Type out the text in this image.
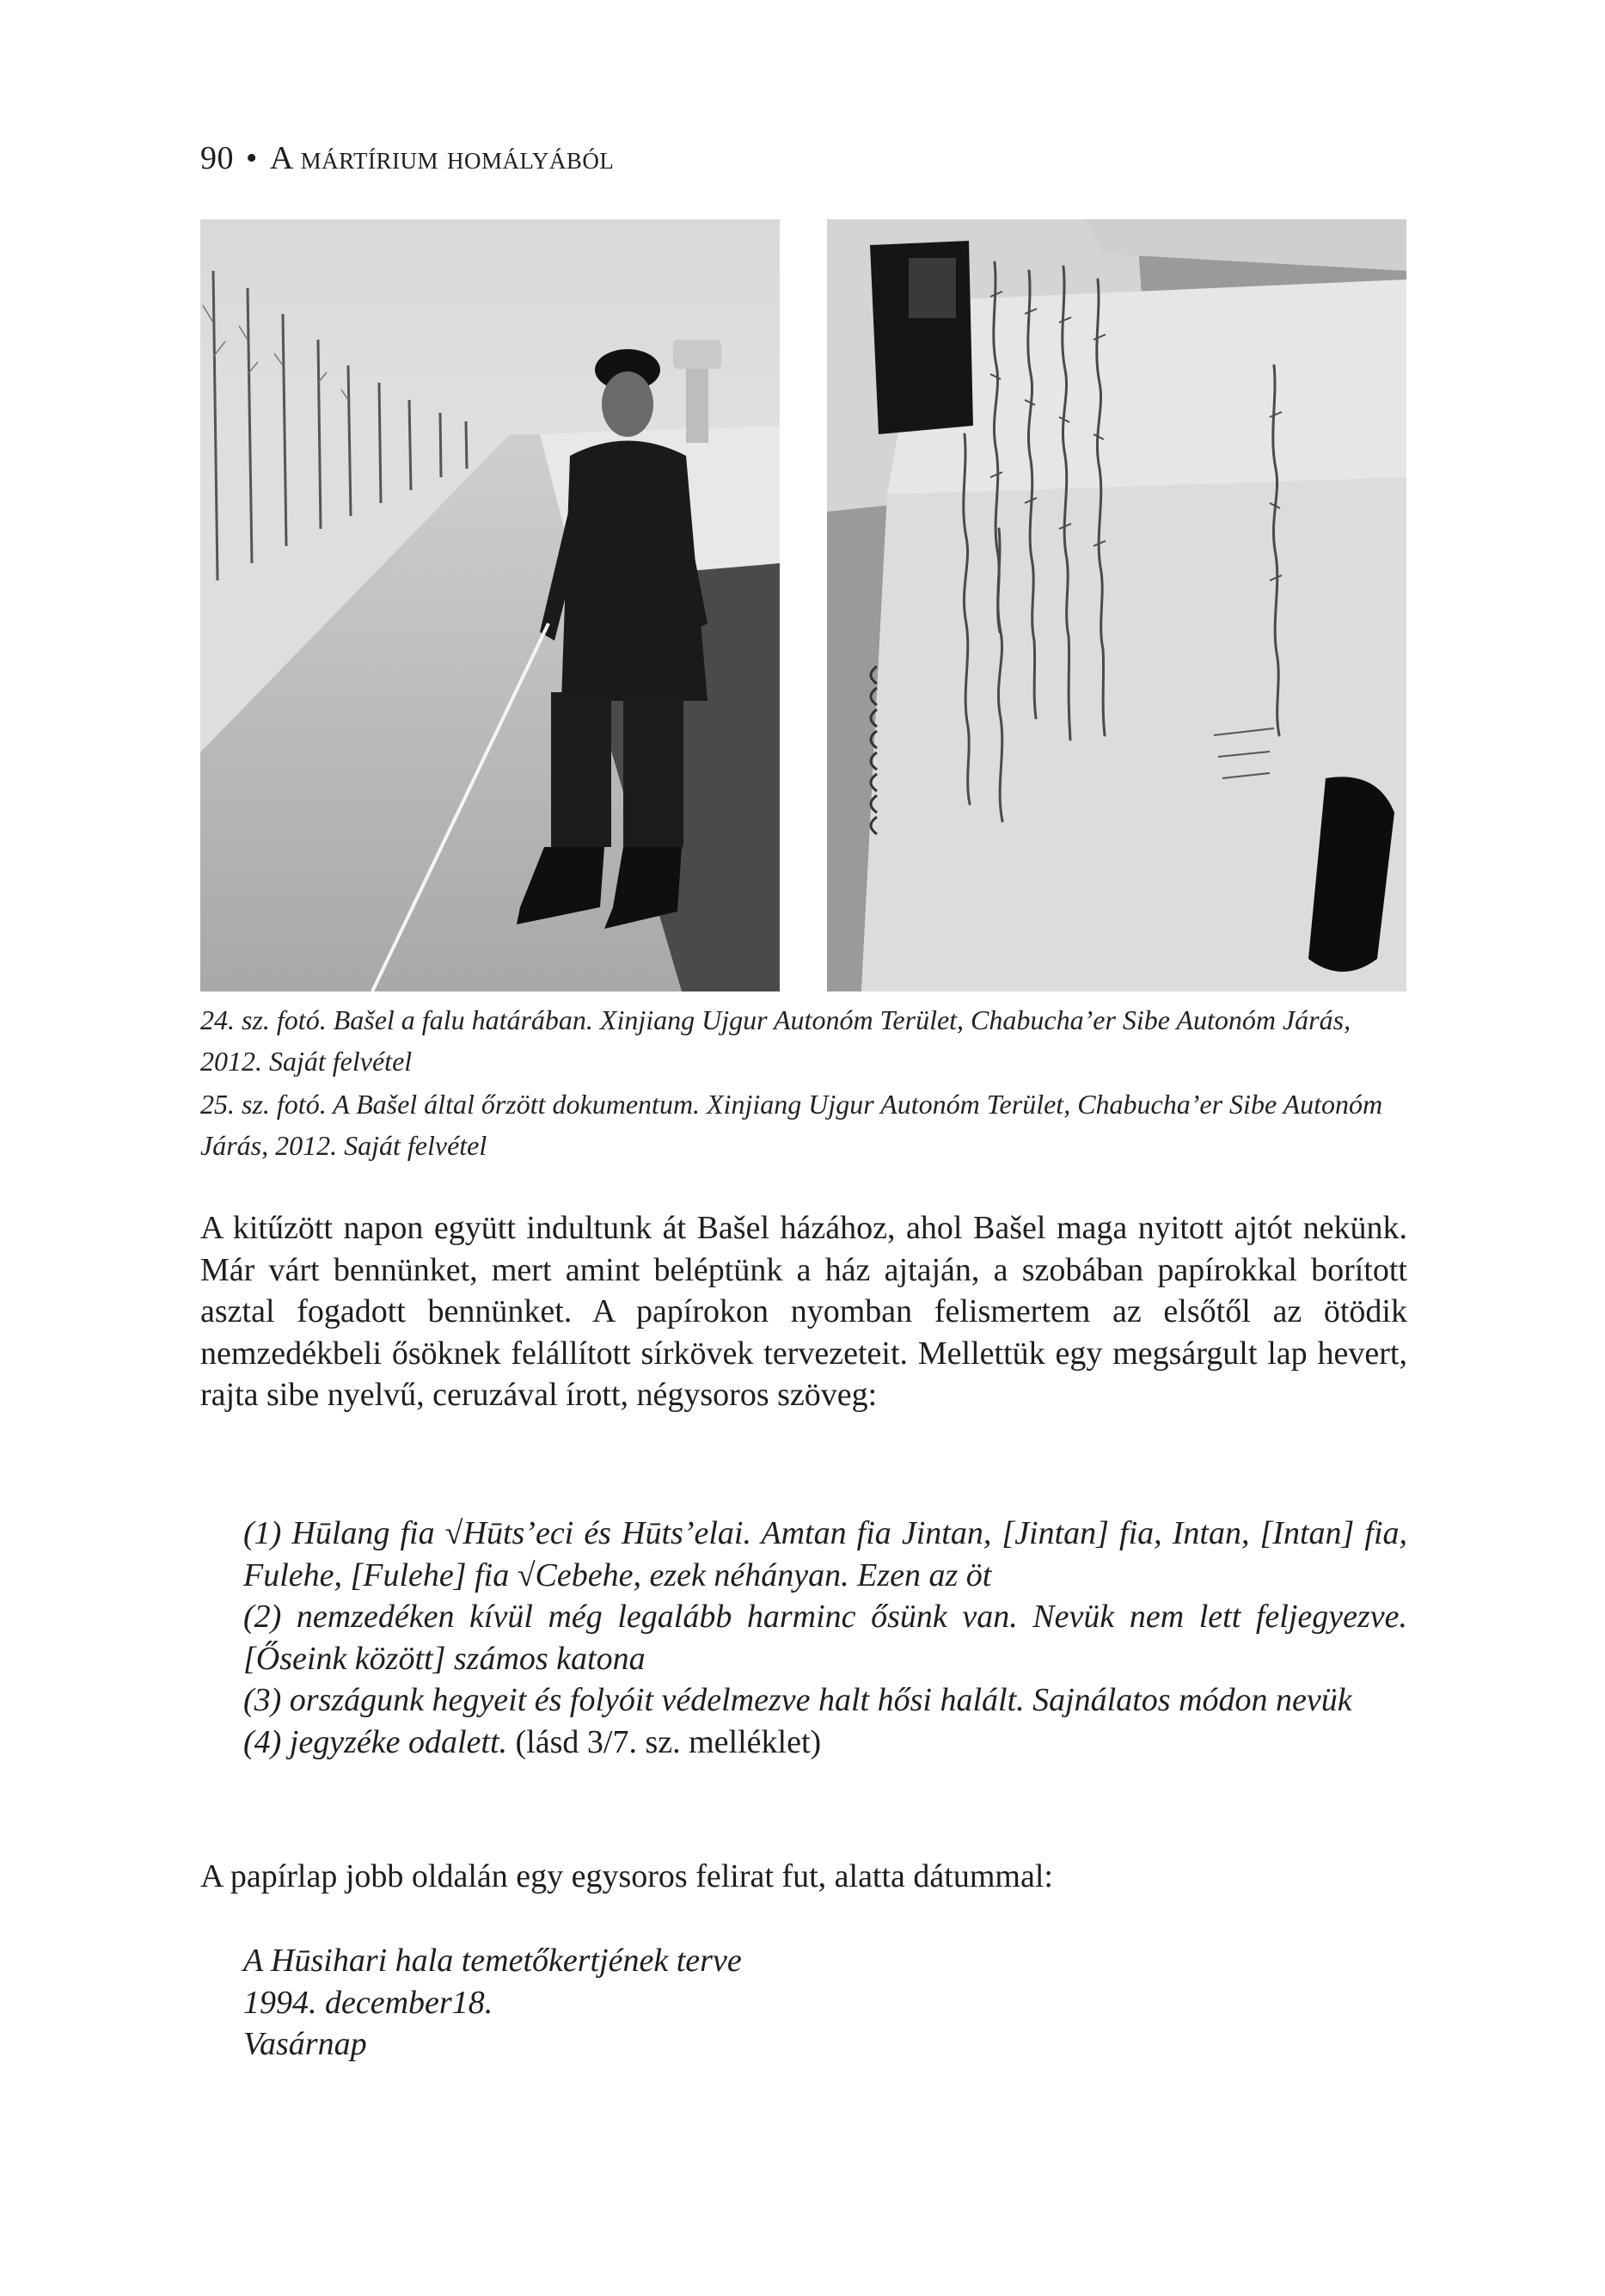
90 • A mártírium homályából
24. sz. fotó. Bašel a falu határában. Xinjiang Ujgur Autonóm Terület, Chabucha’er Sibe Autonóm Járás, 2012. Saját felvétel
25. sz. fotó. A Bašel által őrzött dokumentum. Xinjiang Ujgur Autonóm Terület, Chabucha’er Sibe Autonóm Járás, 2012. Saját felvétel
A kitűzött napon együtt indultunk át Bašel házához, ahol Bašel maga nyitott ajtót nekünk. Már várt bennünket, mert amint beléptünk a ház ajtaján, a szobában papírokkal borított asztal fogadott bennünket. A papírokon nyomban felismertem az elsőtől az ötödik nemzedékbeli ősöknek felállított sírkövek tervezeteit. Mellettük egy megsárgult lap hevert, rajta sibe nyelvű, ceruzával írott, négysoros szöveg:
(1) Hūlang fia √Hūts’eci és Hūts’elai. Amtan fia Jintan, [Jintan] fia, Intan, [Intan] fia, Fulehe, [Fulehe] fia √Cebehe, ezek néhányan. Ezen az öt
(2) nemzedéken kívül még legalább harminc ősünk van. Nevük nem lett feljegyezve. [Őseink között] számos katona
(3) országunk hegyeit és folyóit védelmezve halt hősi halált. Sajnálatos módon nevük
(4) jegyzéke odalett. (lásd 3/7. sz. melléklet)
A papírlap jobb oldalán egy egysoros felirat fut, alatta dátummal:
A Hūsihari hala temetőkertjének terve
1994. december18.
Vasárnap
